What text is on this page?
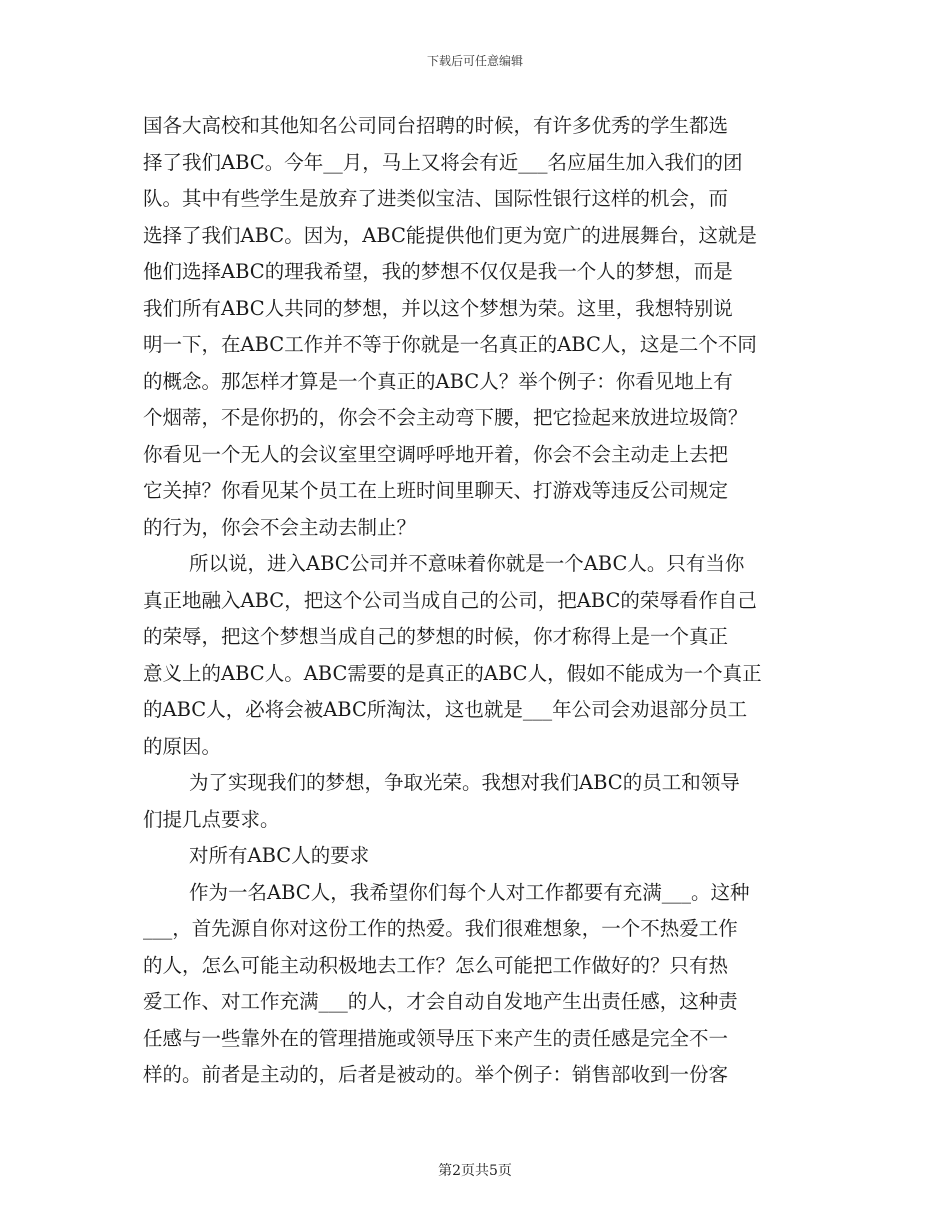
下载后可任意编辑
国各大高校和其他知名公司同台招聘的时候，有许多优秀的学生都选
择了我们ABC。今年__月，马上又将会有近___名应届生加入我们的团
队。其中有些学生是放弃了进类似宝洁、国际性银行这样的机会，而
选择了我们ABC。因为，ABC能提供他们更为宽广的进展舞台，这就是
他们选择ABC的理我希望，我的梦想不仅仅是我一个人的梦想，而是
我们所有ABC人共同的梦想，并以这个梦想为荣。这里，我想特别说
明一下，在ABC工作并不等于你就是一名真正的ABC人，这是二个不同
的概念。那怎样才算是一个真正的ABC人？举个例子：你看见地上有
个烟蒂，不是你扔的，你会不会主动弯下腰，把它捡起来放进垃圾筒？
你看见一个无人的会议室里空调呼呼地开着，你会不会主动走上去把
它关掉？你看见某个员工在上班时间里聊天、打游戏等违反公司规定
的行为，你会不会主动去制止？
所以说，进入ABC公司并不意味着你就是一个ABC人。只有当你
真正地融入ABC，把这个公司当成自己的公司，把ABC的荣辱看作自己
的荣辱，把这个梦想当成自己的梦想的时候，你才称得上是一个真正
意义上的ABC人。ABC需要的是真正的ABC人，假如不能成为一个真正
的ABC人，必将会被ABC所淘汰，这也就是___年公司会劝退部分员工
的原因。
为了实现我们的梦想，争取光荣。我想对我们ABC的员工和领导
们提几点要求。
对所有ABC人的要求
作为一名ABC人，我希望你们每个人对工作都要有充满___。这种
___，首先源自你对这份工作的热爱。我们很难想象，一个不热爱工作
的人，怎么可能主动积极地去工作？怎么可能把工作做好的？只有热
爱工作、对工作充满___的人，才会自动自发地产生出责任感，这种责
任感与一些靠外在的管理措施或领导压下来产生的责任感是完全不一
样的。前者是主动的，后者是被动的。举个例子：销售部收到一份客
第2页共5页
